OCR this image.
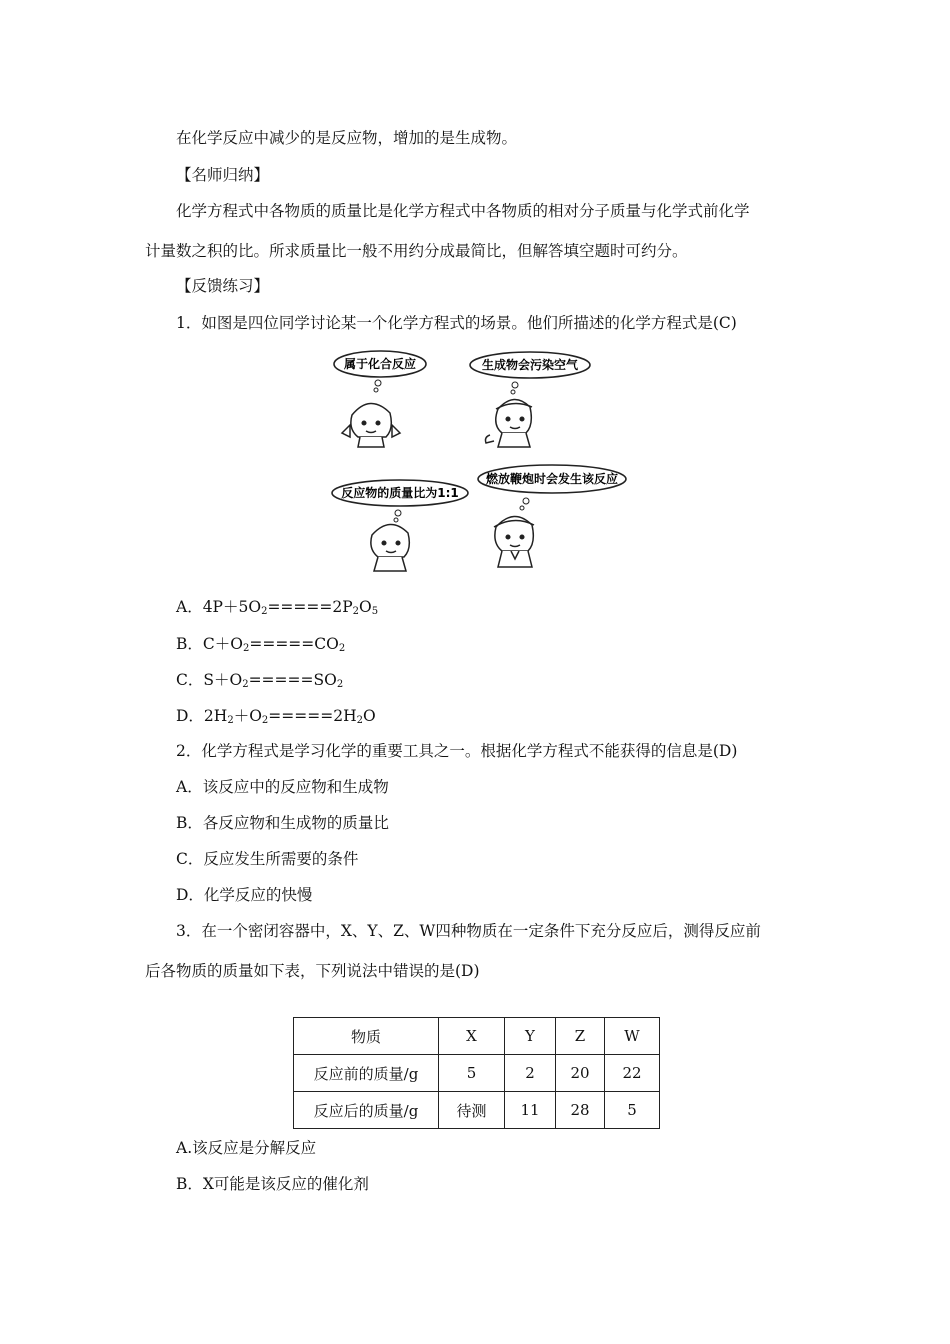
在化学反应中减少的是反应物，增加的是生成物。
【名师归纳】
化学方程式中各物质的质量比是化学方程式中各物质的相对分子质量与化学式前化学
计量数之积的比。所求质量比一般不用约分成最简比，但解答填空题时可约分。
【反馈练习】
1．如图是四位同学讨论某一个化学方程式的场景。他们所描述的化学方程式是(C)
属于化合反应	生成物会污染空气
反应物的质量比为1:1
燃放鞭炮时会发生该反应
A．$4P+5O_2=====2P_2O_5$
B．$C+O_2=====CO_2$
C．$S+O_2=====SO_2$
D．$2H_2+O_2=====2H_2O$
2．化学方程式是学习化学的重要工具之一。根据化学方程式不能获得的信息是(D)
A．该反应中的反应物和生成物
B．各反应物和生成物的质量比
C．反应发生所需要的条件
D．化学反应的快慢
3．在一个密闭容器中，X、Y、Z、W四种物质在一定条件下充分反应后，测得反应前
后各物质的质量如下表，下列说法中错误的是(D)
物质	X	Y	Z	W
反应前的质量/g	5	2	20	22
反应后的质量/g	待测	11	28	5
A.该反应是分解反应
B．X可能是该反应的催化剂
